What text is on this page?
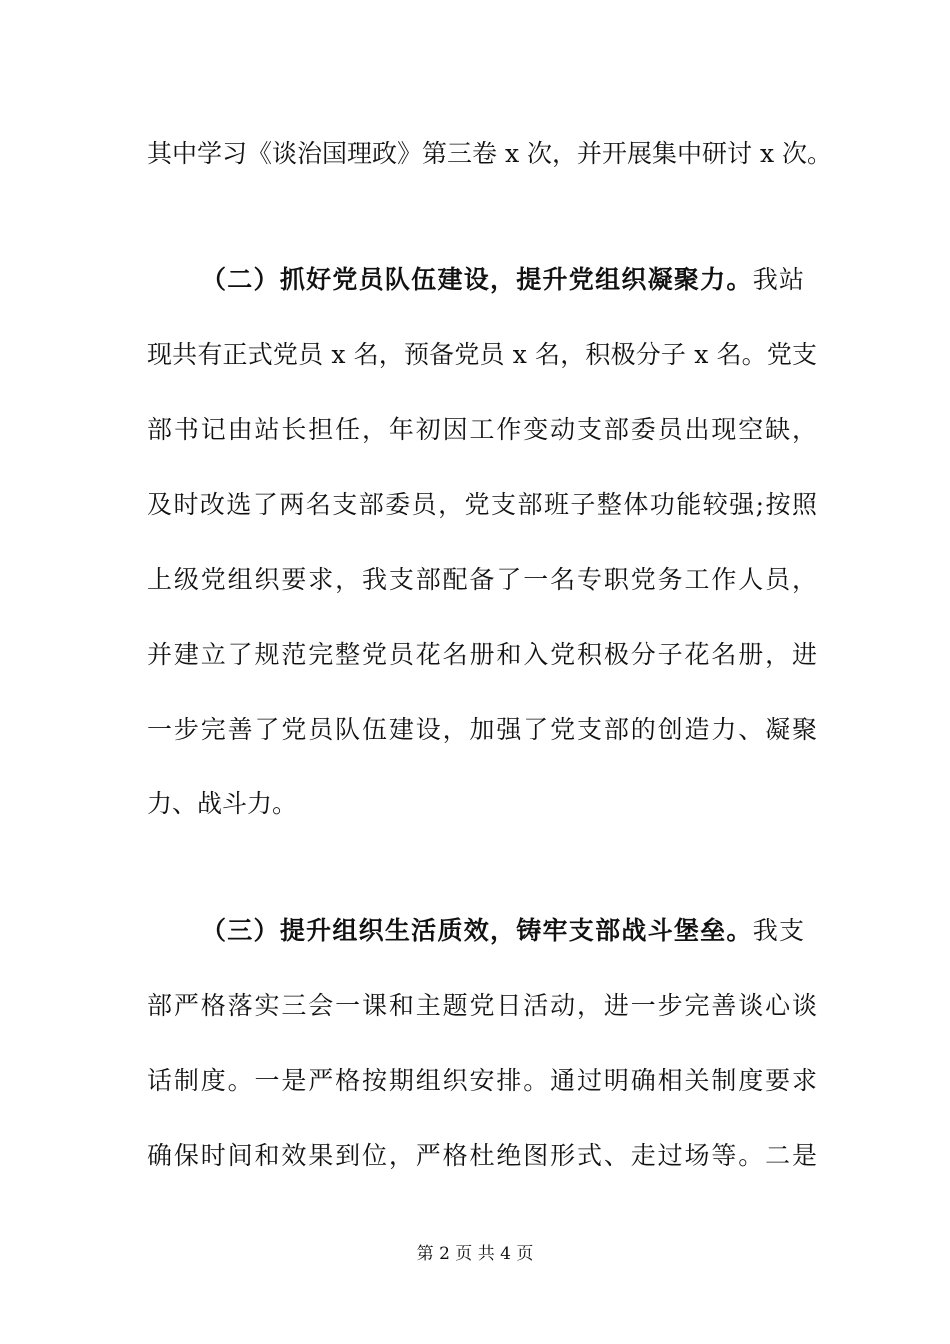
其中学习《谈治国理政》第三卷 x 次，并开展集中研讨 x 次。
（二）抓好党员队伍建设，提升党组织凝聚力。我站
现共有正式党员 x 名，预备党员 x 名，积极分子 x 名。党支
部书记由站长担任，年初因工作变动支部委员出现空缺，
及时改选了两名支部委员，党支部班子整体功能较强;按照
上级党组织要求，我支部配备了一名专职党务工作人员，
并建立了规范完整党员花名册和入党积极分子花名册，进
一步完善了党员队伍建设，加强了党支部的创造力、凝聚
力、战斗力。
（三）提升组织生活质效，铸牢支部战斗堡垒。我支
部严格落实三会一课和主题党日活动，进一步完善谈心谈
话制度。一是严格按期组织安排。通过明确相关制度要求
确保时间和效果到位，严格杜绝图形式、走过场等。二是
第 2 页 共 4 页
